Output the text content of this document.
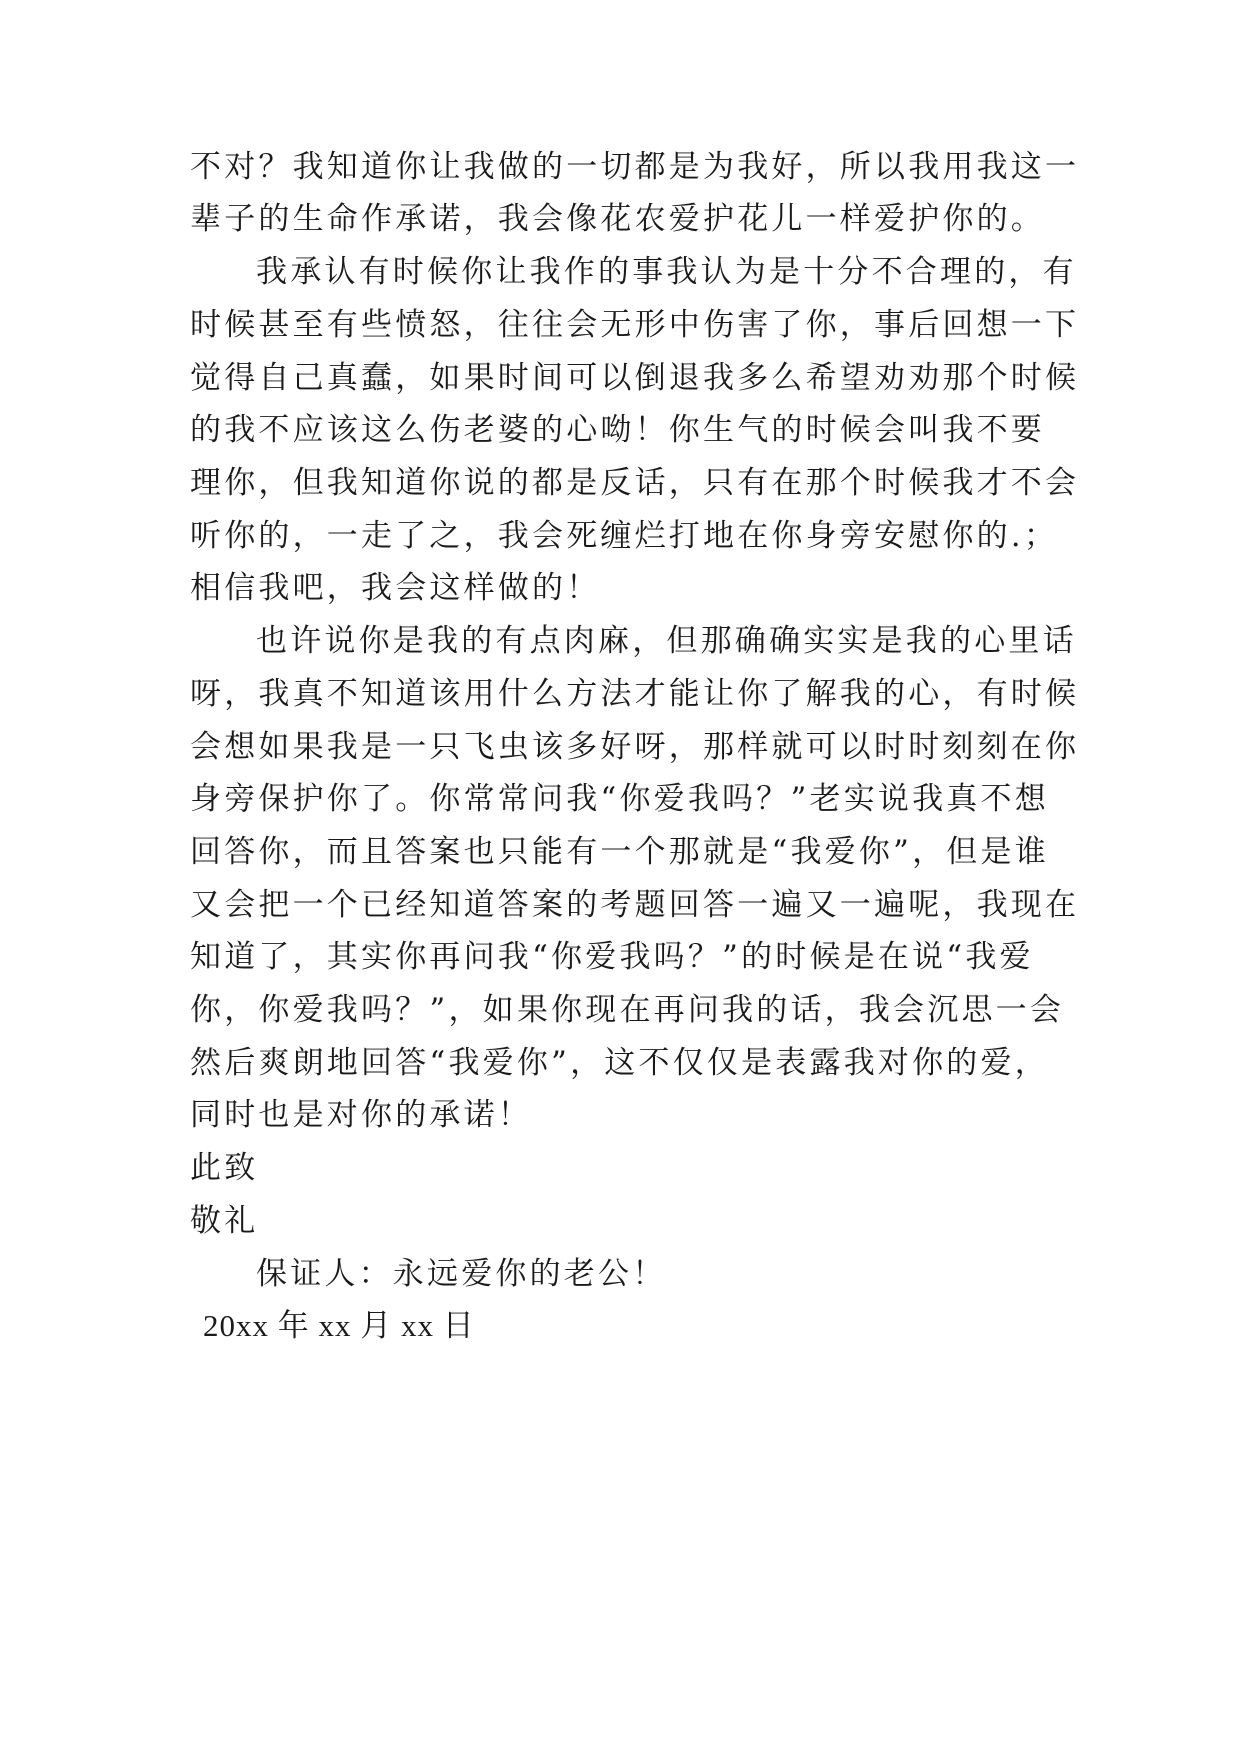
不对？我知道你让我做的一切都是为我好，所以我用我这一
辈子的生命作承诺，我会像花农爱护花儿一样爱护你的。
我承认有时候你让我作的事我认为是十分不合理的，有
时候甚至有些愤怒，往往会无形中伤害了你，事后回想一下
觉得自己真蠢，如果时间可以倒退我多么希望劝劝那个时候
的我不应该这么伤老婆的心呦！你生气的时候会叫我不要
理你，但我知道你说的都是反话，只有在那个时候我才不会
听你的，一走了之，我会死缠烂打地在你身旁安慰你的.；
相信我吧，我会这样做的！
也许说你是我的有点肉麻，但那确确实实是我的心里话
呀，我真不知道该用什么方法才能让你了解我的心，有时候
会想如果我是一只飞虫该多好呀，那样就可以时时刻刻在你
身旁保护你了。你常常问我“你爱我吗？”老实说我真不想
回答你，而且答案也只能有一个那就是“我爱你”，但是谁
又会把一个已经知道答案的考题回答一遍又一遍呢，我现在
知道了，其实你再问我“你爱我吗？”的时候是在说“我爱
你，你爱我吗？”，如果你现在再问我的话，我会沉思一会
然后爽朗地回答“我爱你”，这不仅仅是表露我对你的爱，
同时也是对你的承诺！
此致
敬礼
保证人：永远爱你的老公！
20xx 年 xx 月 xx 日
